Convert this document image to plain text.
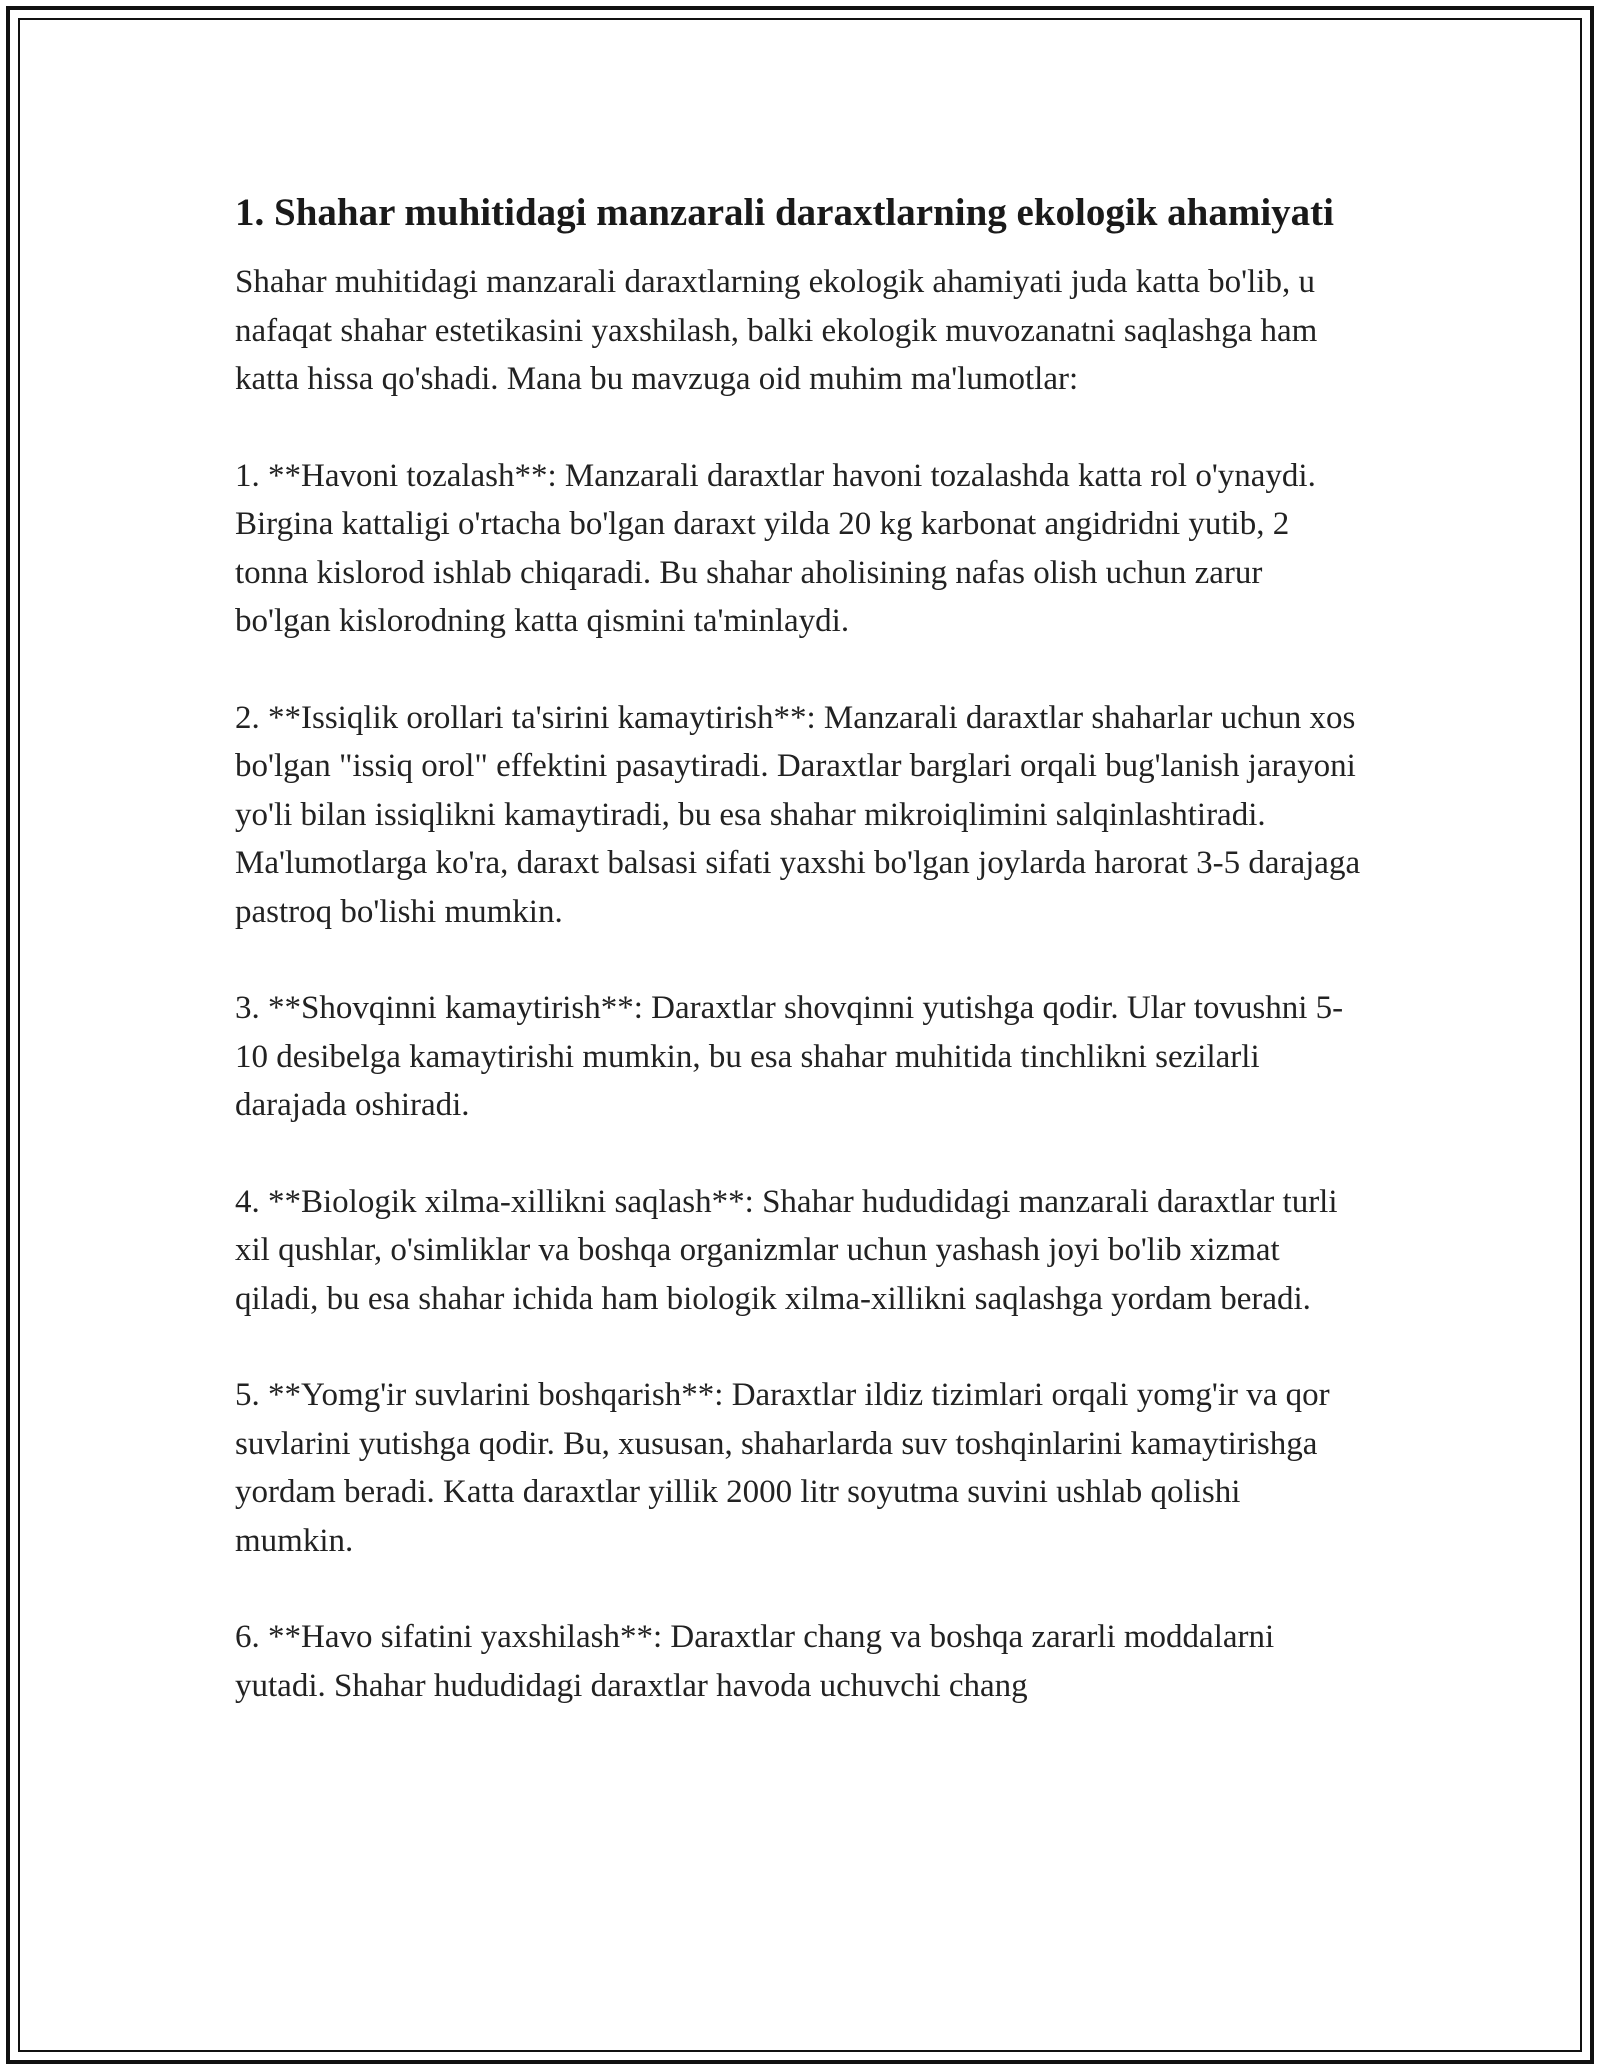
1. Shahar muhitidagi manzarali daraxtlarning ekologik ahamiyati

Shahar muhitidagi manzarali daraxtlarning ekologik ahamiyati juda katta bo'lib, u nafaqat shahar estetikasini yaxshilash, balki ekologik muvozanatni saqlashga ham katta hissa qo'shadi. Mana bu mavzuga oid muhim ma'lumotlar:

1. **Havoni tozalash**: Manzarali daraxtlar havoni tozalashda katta rol o'ynaydi. Birgina kattaligi o'rtacha bo'lgan daraxt yilda 20 kg karbonat angidridni yutib, 2 tonna kislorod ishlab chiqaradi. Bu shahar aholisining nafas olish uchun zarur bo'lgan kislorodning katta qismini ta'minlaydi.

2. **Issiqlik orollari ta'sirini kamaytirish**: Manzarali daraxtlar shaharlar uchun xos bo'lgan "issiq orol" effektini pasaytiradi. Daraxtlar barglari orqali bug'lanish jarayoni yo'li bilan issiqlikni kamaytiradi, bu esa shahar mikroiqlimini salqinlashtiradi. Ma'lumotlarga ko'ra, daraxt balsasi sifati yaxshi bo'lgan joylarda harorat 3-5 darajaga pastroq bo'lishi mumkin.

3. **Shovqinni kamaytirish**: Daraxtlar shovqinni yutishga qodir. Ular tovushni 5-10 desibelga kamaytirishi mumkin, bu esa shahar muhitida tinchlikni sezilarli darajada oshiradi.

4. **Biologik xilma-xillikni saqlash**: Shahar hududidagi manzarali daraxtlar turli xil qushlar, o'simliklar va boshqa organizmlar uchun yashash joyi bo'lib xizmat qiladi, bu esa shahar ichida ham biologik xilma-xillikni saqlashga yordam beradi.

5. **Yomg'ir suvlarini boshqarish**: Daraxtlar ildiz tizimlari orqali yomg'ir va qor suvlarini yutishga qodir. Bu, xususan, shaharlarda suv toshqinlarini kamaytirishga yordam beradi. Katta daraxtlar yillik 2000 litr soyutma suvini ushlab qolishi mumkin.

6. **Havo sifatini yaxshilash**: Daraxtlar chang va boshqa zararli moddalarni yutadi. Shahar hududidagi daraxtlar havoda uchuvchi chang
